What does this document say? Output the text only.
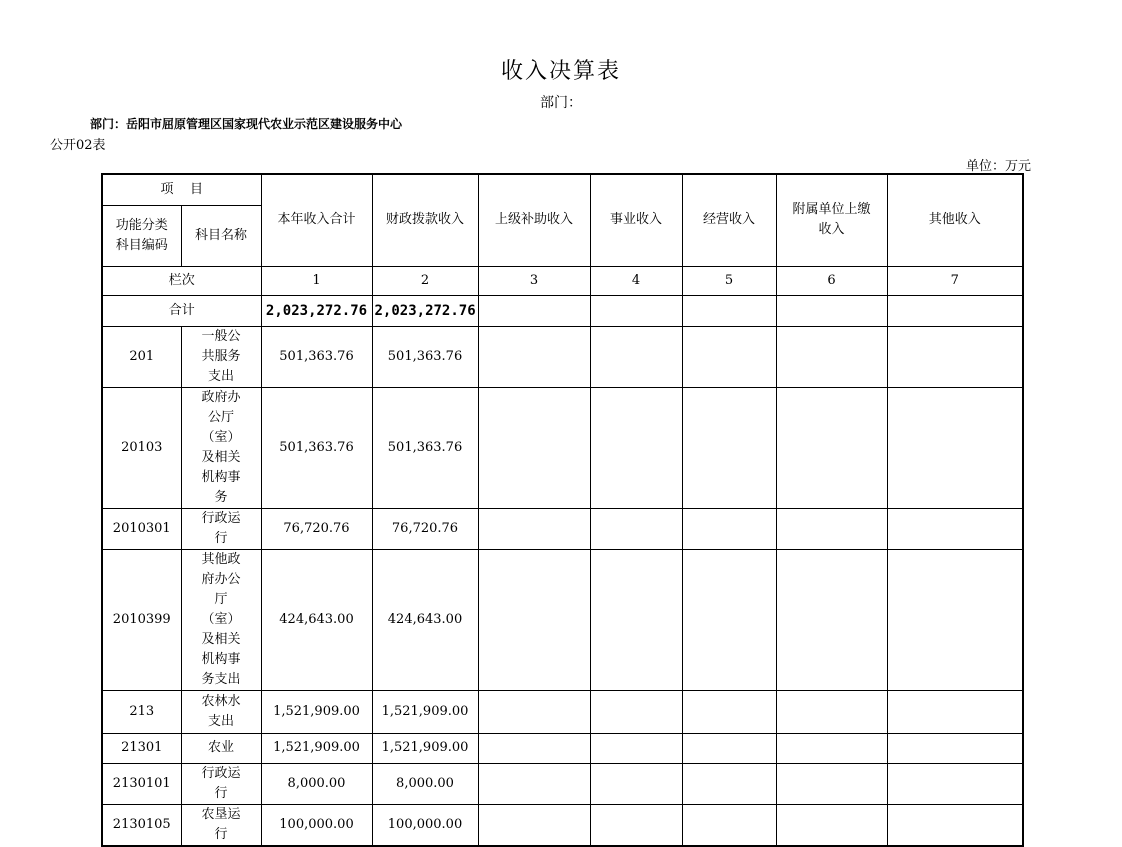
收入决算表
部门：
部门：岳阳市屈原管理区国家现代农业示范区建设服务中心
公开02表
单位：万元
项    目		本年收入合计	财政拨款收入	上级补助收入	事业收入	经营收入	附属单位上缴收入	其他收入

功能分类科目编码	科目名称							
栏次		1	2	3	4	5	6	7
合计		2,023,272.76	2,023,272.76					
201	一般公共服务支出	501,363.76	501,363.76					
20103	政府办公厅（室）及相关机构事务	501,363.76	501,363.76					
2010301	行政运行	76,720.76	76,720.76					
2010399	其他政府办公厅（室）及相关机构事务支出	424,643.00	424,643.00					
213	农林水支出	1,521,909.00	1,521,909.00					
21301	农业	1,521,909.00	1,521,909.00					
2130101	行政运行	8,000.00	8,000.00					
2130105	农垦运行	100,000.00	100,000.00					
